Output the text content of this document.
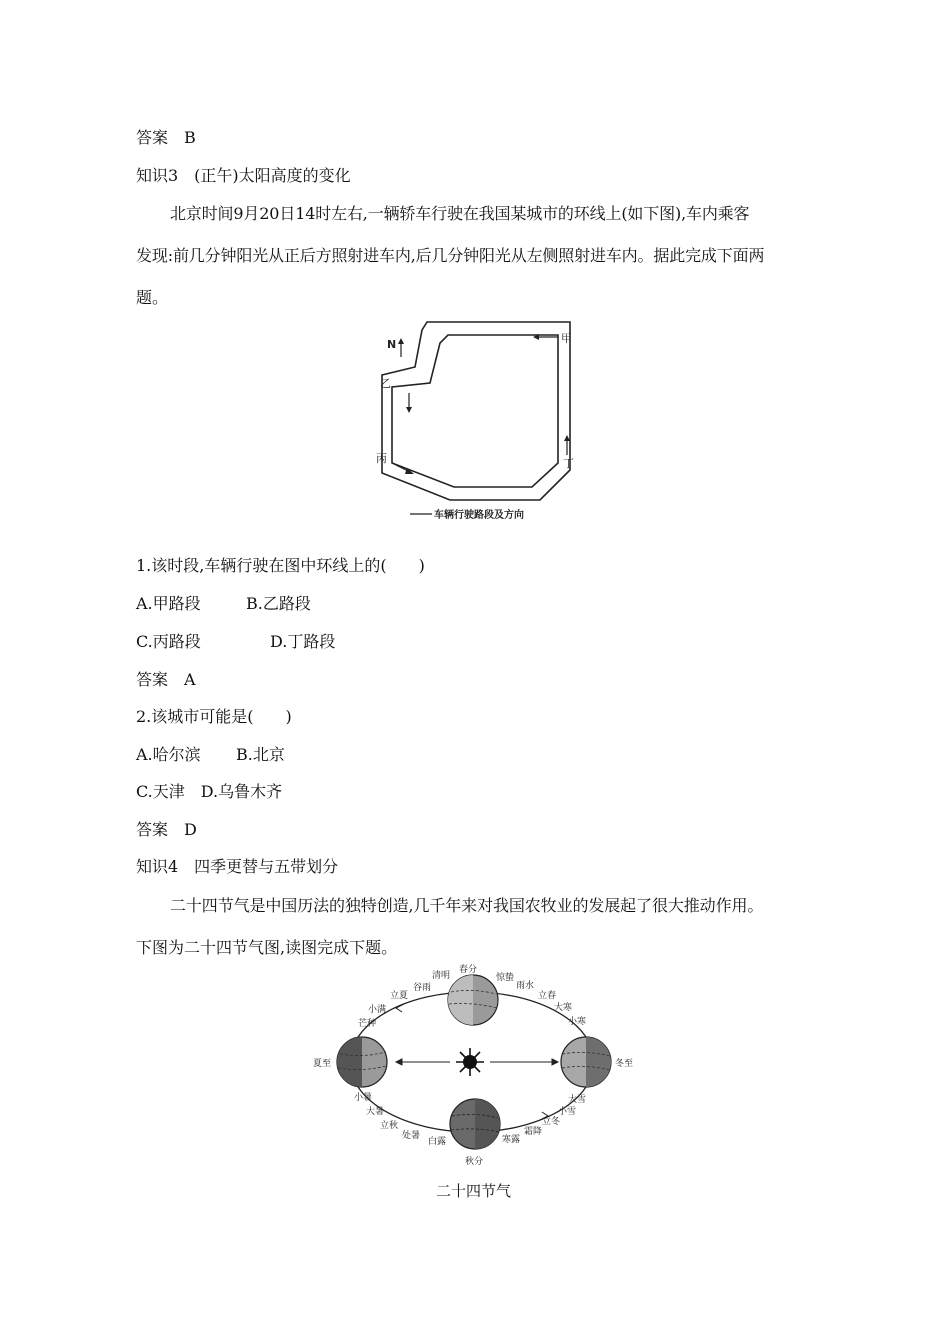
答案　B
知识3　(正午)太阳高度的变化
北京时间9月20日14时左右,一辆轿车行驶在我国某城市的环线上(如下图),车内乘客
发现:前几分钟阳光从正后方照射进车内,后几分钟阳光从左侧照射进车内。据此完成下面两
题。
N	甲
乙
丙	丁
车辆行驶路段及方向
1.该时段,车辆行驶在图中环线上的(　　)
A.甲路段	B.乙路段
C.丙路段	D.丁路段
答案　A
2.该城市可能是(　　)
A.哈尔滨 B.北京
C.天津　D.乌鲁木齐
答案　D
知识4　四季更替与五带划分
二十四节气是中国历法的独特创造,几千年来对我国农牧业的发展起了很大推动作用。
下图为二十四节气图,读图完成下题。
春分
夏至	冬至
秋分
清明
谷雨
立夏
小满
芒种
惊蛰
雨水
立春
大寒
小寒
小暑
大暑
立秋
处暑
白露	寒露
霜降
立冬
小雪
大雪
二十四节气
